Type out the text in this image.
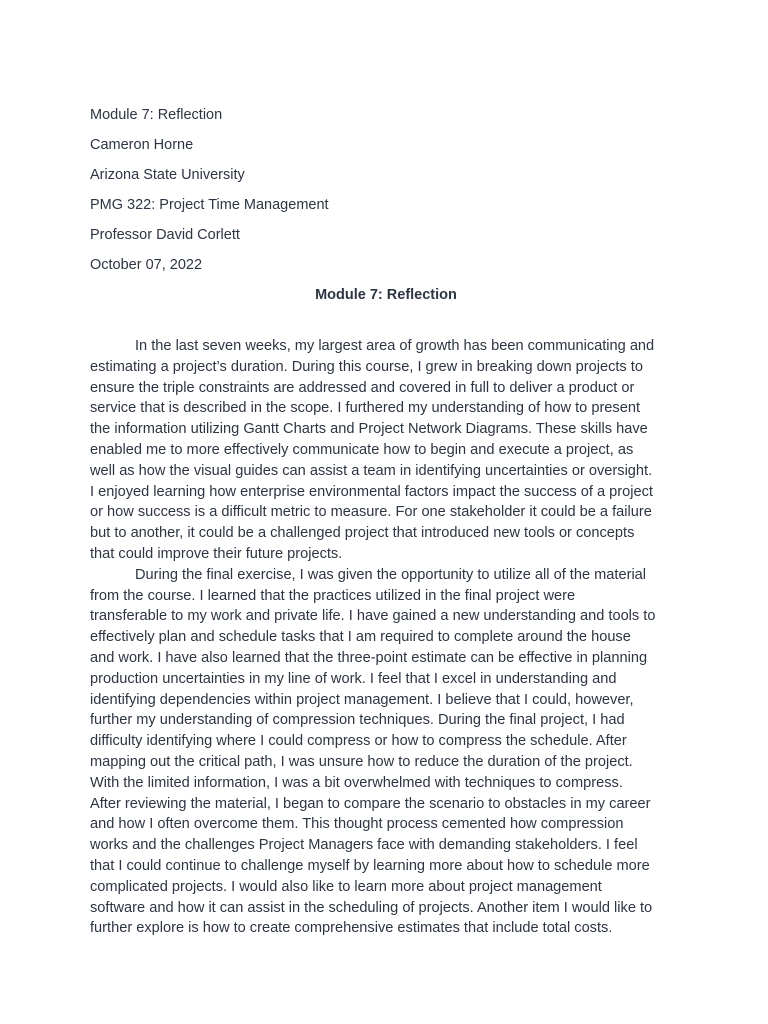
Module 7: Reflection
Cameron Horne
Arizona State University
PMG 322: Project Time Management
Professor David Corlett
October 07, 2022
Module 7: Reflection
In the last seven weeks, my largest area of growth has been communicating and
estimating a project’s duration. During this course, I grew in breaking down projects to
ensure the triple constraints are addressed and covered in full to deliver a product or
service that is described in the scope. I furthered my understanding of how to present
the information utilizing Gantt Charts and Project Network Diagrams. These skills have
enabled me to more effectively communicate how to begin and execute a project, as
well as how the visual guides can assist a team in identifying uncertainties or oversight.
I enjoyed learning how enterprise environmental factors impact the success of a project
or how success is a difficult metric to measure. For one stakeholder it could be a failure
but to another, it could be a challenged project that introduced new tools or concepts
that could improve their future projects.
During the final exercise, I was given the opportunity to utilize all of the material
from the course. I learned that the practices utilized in the final project were
transferable to my work and private life. I have gained a new understanding and tools to
effectively plan and schedule tasks that I am required to complete around the house
and work. I have also learned that the three-point estimate can be effective in planning
production uncertainties in my line of work. I feel that I excel in understanding and
identifying dependencies within project management. I believe that I could, however,
further my understanding of compression techniques. During the final project, I had
difficulty identifying where I could compress or how to compress the schedule. After
mapping out the critical path, I was unsure how to reduce the duration of the project.
With the limited information, I was a bit overwhelmed with techniques to compress.
After reviewing the material, I began to compare the scenario to obstacles in my career
and how I often overcome them. This thought process cemented how compression
works and the challenges Project Managers face with demanding stakeholders. I feel
that I could continue to challenge myself by learning more about how to schedule more
complicated projects. I would also like to learn more about project management
software and how it can assist in the scheduling of projects. Another item I would like to
further explore is how to create comprehensive estimates that include total costs.
